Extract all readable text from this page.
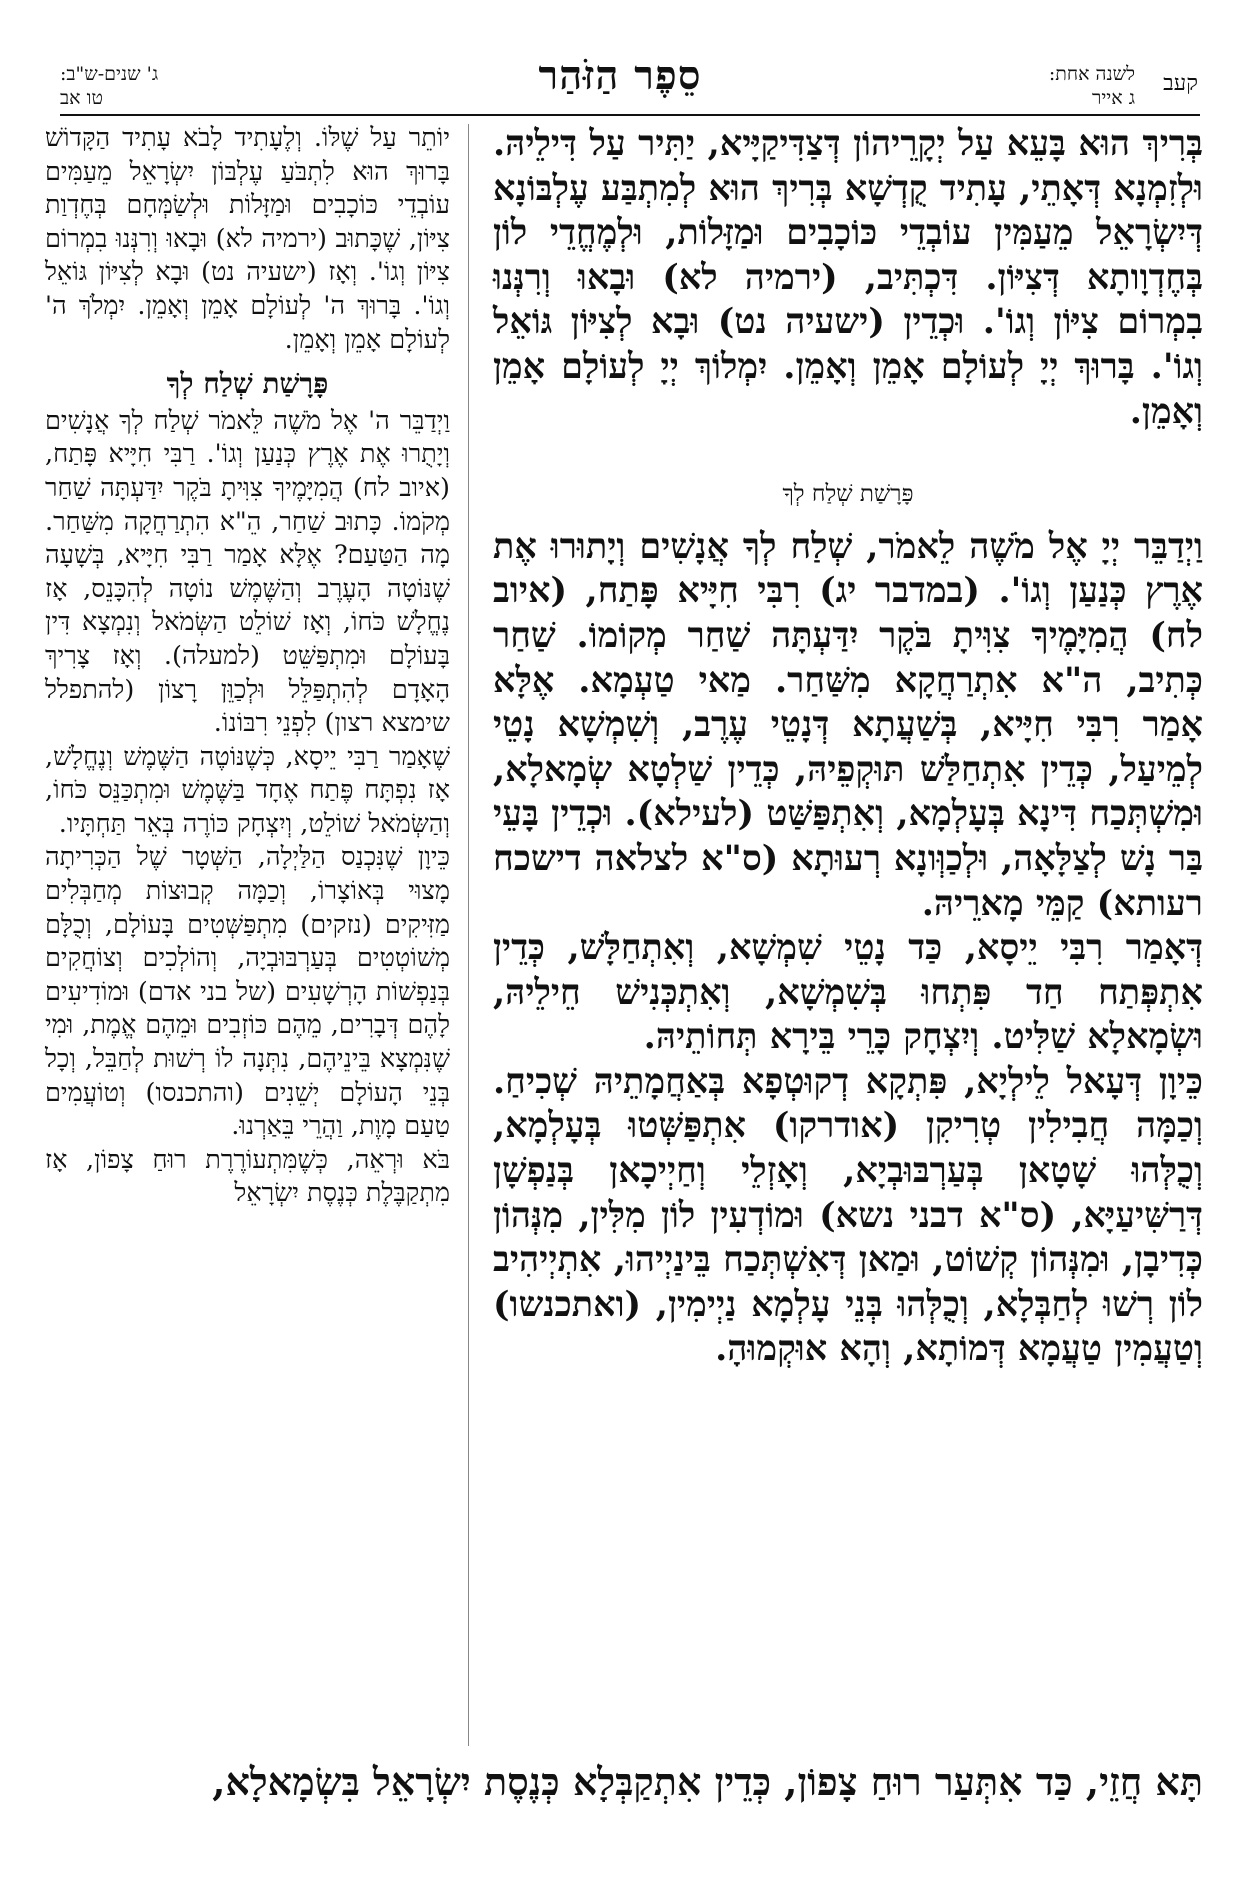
קעב
לשנה אחת:
ג אייר
סֵפֶר הַזֹּהַר
ג' שנים-ש"ב:
טו אב

בְּרִיךְ הוּא בָּעֵא עַל יְקָרֵיהוֹן דְּצַדִּיקַיָּיא, יַתִּיר עַל דִּילֵיהּ. וּלְזִמְנָא דְּאָתֵי, עָתִיד קֻדְשָׁא בְּרִיךְ הוּא לְמִתְבַּע עֶלְבּוֹנָא דְּיִשְׂרָאֵל מֵעַמִּין עוֹבְדֵי כּוֹכָבִים וּמַזָּלוֹת, וּלְמֶחֱדֵי לוֹן בְּחֶדְוָותָא דְּצִיּוֹן. דִּכְתִּיב, (ירמיה לא) וּבָאוּ וְרִנְּנוּ בִמְרוֹם צִיּוֹן וְגוֹ'. וּכְדֵין (ישעיה נט) וּבָא לְצִיּוֹן גּוֹאֵל וְגוֹ'. בָּרוּךְ יְיָ לְעוֹלָם אָמֵן וְאָמֵן. יִמְלוֹךְ יְיָ לְעוֹלָם אָמֵן וְאָמֵן.

פָּרָשַׁת שְׁלַח לְךָ

וַיְדַבֵּר יְיָ אֶל מֹשֶׁה לֵאמֹר, שְׁלַח לְךָ אֲנָשִׁים וְיָתוּרוּ אֶת אֶרֶץ כְּנַעַן וְגוֹ'. (במדבר יג) רִבִּי חִיָּיא פָּתַח, (איוב לח) הֲמִיָּמֶיךָ צִוִּיתָ בֹּקֶר יִדַּעְתָּה שַׁחַר מְקוֹמוֹ. שַׁחַר כְּתִיב, ה"א אִתְרַחֲקָא מִשַּׁחַר. מַאי טַעְמָא. אֶלָּא אָמַר רִבִּי חִיָּיא, בְּשַׁעֲתָא דְּנָטֵי עֶרֶב, וְשִׁמְשָׁא נָטֵי לְמֵיעַל, כְּדֵין אִתְחַלַּשׁ תּוּקְפֵיהּ, כְּדֵין שַׁלְטָא שְׂמָאלָא, וּמִשְׁתְּכַח דִּינָא בְּעָלְמָא, וְאִתְפַּשַּׁט (לעילא). וּכְדֵין בָּעֵי בַּר נָשׁ לְצַלָּאָה, וּלְכַוְּונָא רְעוּתָא (ס"א לצלאה דישכח רעותא) קַמֵּי מָארֵיהּ.

דְּאָמַר רִבִּי יֵיסָא, כַּד נָטֵי שִׁמְשָׁא, וְאִתְחַלָּשׁ, כְּדֵין אִתְפְּתַח חַד פִּתְחוּ בְּשִׁמְשָׁא, וְאִתְכְּנִישׁ חֵילֵיהּ, וּשְׂמָאלָא שַׁלִּיט. וְיִצְחָק כָּרֵי בֵּירָא תְּחוֹתֵיהּ.

כֵּיוָן דְּעָאל לֵילְיָא, פִּתְקָא דְקוּטְפָא בְּאַחֲמָתֵיהּ שְׁכִיחַ. וְכַמָּה חֲבִילִין טְרִיקִן (אודרקו) אִתְפַּשְּׁטוּ בְּעָלְמָא, וְכֻלְּהוּ שָׁטָאן בְּעַרְבּוּבְיָא, וְאָזְלֵי וְחַיְיכָאן בְּנַפְשָׁן דְּרַשִּׁיעַיָּא, (ס"א דבני נשא) וּמוֹדְעִין לוֹן מִלִּין, מִנְּהוֹן כְּדִיבָן, וּמִנְּהוֹן קְשׁוֹט, וּמַאן דְּאִשְׁתְּכַח בֵּינַיְיהוּ, אִתְיְיהִיב לוֹן רְשׁוּ לְחַבְּלָא, וְכֻלְּהוּ בְּנֵי עָלְמָא נַיְימִין, (ואתכנשו) וְטַעֲמִין טַעֲמָא דְּמוֹתָא, וְהָא אוּקְמוּהָ.

יוֹתֵר עַל שֶׁלּוֹ. וְלֶעָתִיד לָבֹא עָתִיד הַקָּדוֹשׁ בָּרוּךְ הוּא לִתְבֹּעַ עֶלְבּוֹן יִשְׂרָאֵל מֵעַמִּים עוֹבְדֵי כּוֹכָבִים וּמַזָּלוֹת וּלְשַׂמְּחָם בְּחֶדְוַת צִיּוֹן, שֶׁכָּתוּב (ירמיה לא) וּבָאוּ וְרִנְּנוּ בִמְרוֹם צִיּוֹן וְגוֹ'. וְאָז (ישעיה נט) וּבָא לְצִיּוֹן גּוֹאֵל וְגוֹ'. בָּרוּךְ ה' לְעוֹלָם אָמֵן וְאָמֵן. יִמְלֹךְ ה' לְעוֹלָם אָמֵן וְאָמֵן.

פָּרָשַׁת שְׁלַח לְךָ

וַיְדַבֵּר ה' אֶל מֹשֶׁה לֵּאמֹר שְׁלַח לְךָ אֲנָשִׁים וְיָתֻרוּ אֶת אֶרֶץ כְּנַעַן וְגוֹ'. רַבִּי חִיָּיא פָּתַח, (איוב לח) הֲמִיָּמֶיךָ צִוִּיתָ בֹּקֶר יִדַּעְתָּה שַׁחַר מְקֹמוֹ. כָּתוּב שַׁחַר, הֵ"א הִתְרַחֲקָה מִשַּׁחַר. מָה הַטַּעַם? אֶלָּא אָמַר רַבִּי חִיָּיא, בְּשָׁעָה שֶׁנּוֹטָה הָעֶרֶב וְהַשֶּׁמֶשׁ נוֹטָה לְהִכָּנֵס, אָז נֶחֱלָשׁ כֹּחוֹ, וְאָז שׁוֹלֵט הַשְּׂמֹאל וְנִמְצָא דִּין בָּעוֹלָם וּמִתְפַּשֵּׁט (למעלה). וְאָז צָרִיךְ הָאָדָם לְהִתְפַּלֵּל וּלְכַוֵּן רָצוֹן (להתפלל שימצא רצון) לִפְנֵי רִבּוֹנוֹ.

שֶׁאָמַר רַבִּי יֵיסָא, כְּשֶׁנּוֹטֶה הַשֶּׁמֶשׁ וְנֶחֱלָשׁ, אָז נִפְתָּח פֶּתַח אֶחָד בַּשֶּׁמֶשׁ וּמִתְכַּנֵּס כֹּחוֹ, וְהַשְּׂמֹאל שׁוֹלֵט, וְיִצְחָק כּוֹרֶה בְּאֵר תַּחְתָּיו.

כֵּיוָן שֶׁנִּכְנַס הַלַּיְלָה, הַשְּׁטָר שֶׁל הַכְּרִיתָה מָצוּי בְּאוֹצָרוֹ, וְכַמָּה קְבוּצוֹת מְחַבְּלִים מַזִּיקִים (נזקים) מִתְפַּשְּׁטִים בָּעוֹלָם, וְכֻלָּם מְשׁוֹטְטִים בְּעַרְבּוּבְיָה, וְהוֹלְכִים וְצוֹחֲקִים בְּנַפְשׁוֹת הָרְשָׁעִים (של בני אדם) וּמוֹדִיעִים לָהֶם דְּבָרִים, מֵהֶם כּוֹזְבִים וּמֵהֶם אֱמֶת, וּמִי שֶׁנִּמְצָא בֵּינֵיהֶם, נִתְּנָה לוֹ רְשׁוּת לְחַבֵּל, וְכָל בְּנֵי הָעוֹלָם יְשֵׁנִים (והתכנסו) וְטוֹעֲמִים טַעַם מָוֶת, וַהֲרֵי בֵּאַרְנוּ.

בֹּא וּרְאֵה, כְּשֶׁמִּתְעוֹרֶרֶת רוּחַ צָפוֹן, אָז מִתְקַבֶּלֶת כְּנֶסֶת יִשְׂרָאֵל

תָּא חֲזֵי, כַּד אִתְּעַר רוּחַ צָפוֹן, כְּדֵין אִתְקַבְּלָא כְּנֶסֶת יִשְׂרָאֵל בִּשְׂמָאלָא,
